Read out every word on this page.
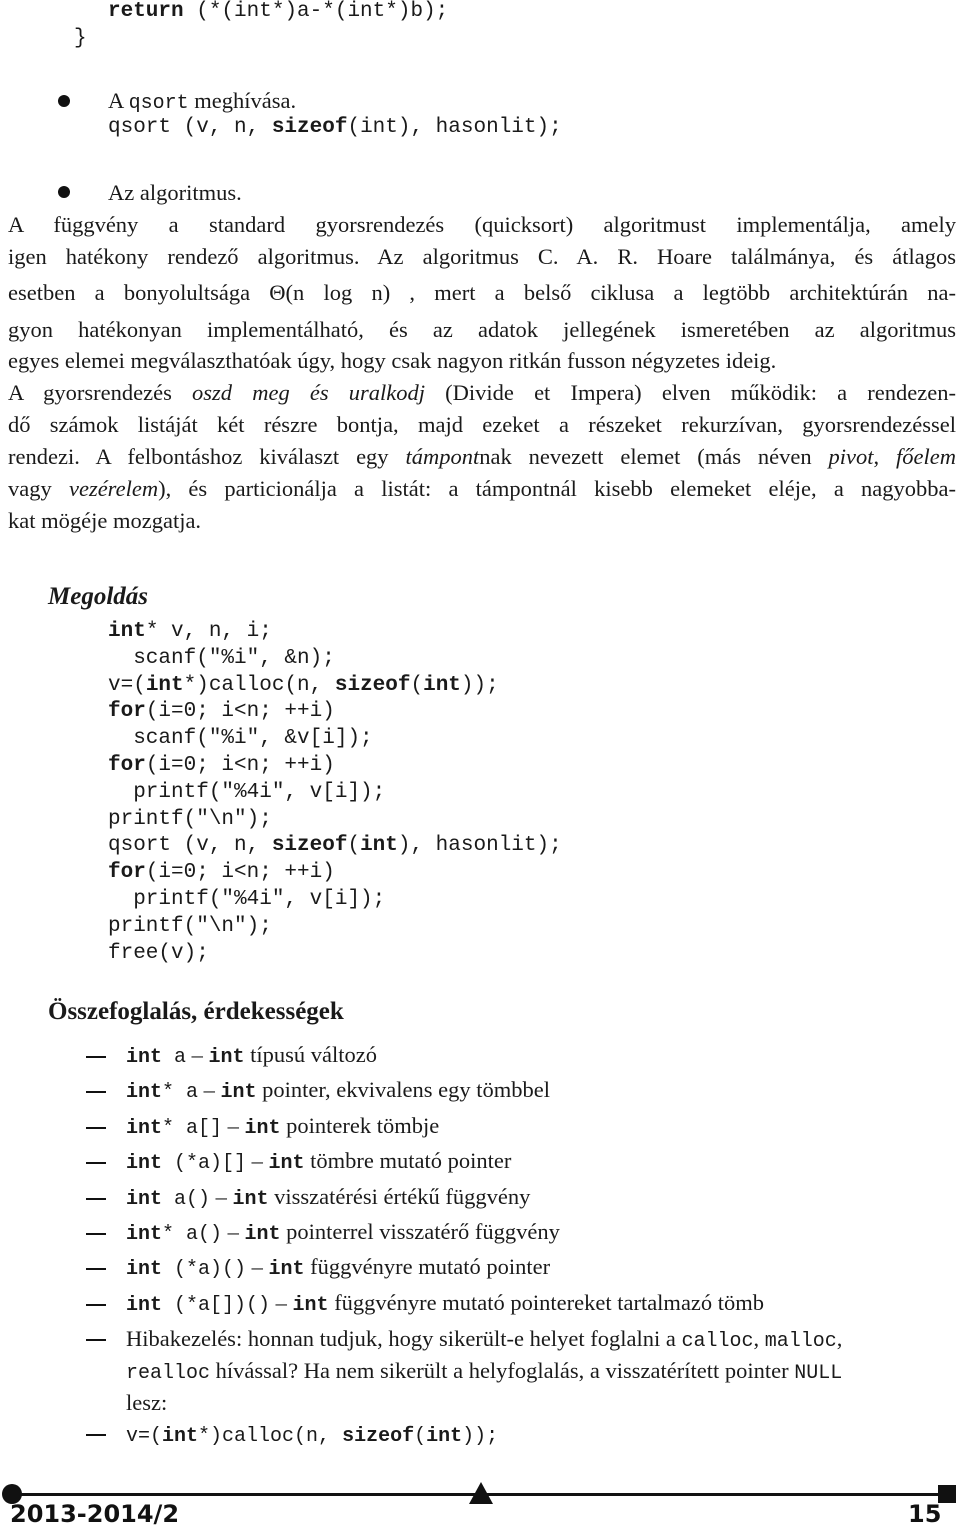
return (*(int*)a-*(int*)b);
}
A qsort meghívása.
qsort (v, n, sizeof(int), hasonlit);
Az algoritmus.
A függvény a standard gyorsrendezés (quicksort) algoritmust implementálja, amely
igen hatékony rendező algoritmus. Az algoritmus C. A. R. Hoare találmánya, és átlagos
esetben a bonyolultsága Θ(n log n) , mert a belső ciklusa a legtöbb architektúrán na-
gyon hatékonyan implementálható, és az adatok jellegének ismeretében az algoritmus
egyes elemei megválaszthatóak úgy, hogy csak nagyon ritkán fusson négyzetes ideig.
A gyorsrendezés oszd meg és uralkodj (Divide et Impera) elven működik: a rendezen-
dő számok listáját két részre bontja, majd ezeket a részeket rekurzívan, gyorsrendezéssel
rendezi. A felbontáshoz kiválaszt egy támpontnak nevezett elemet (más néven pivot, főelem
vagy vezérelem), és particionálja a listát: a támpontnál kisebb elemeket eléje, a nagyobba-
kat mögéje mozgatja.
Megoldás
int* v, n, i;
scanf("%i", &n);
v=(int*)calloc(n, sizeof(int));
for(i=0; i<n; ++i)
scanf("%i", &v[i]);
for(i=0; i<n; ++i)
printf("%4i", v[i]);
printf("\n");
qsort (v, n, sizeof(int), hasonlit);
for(i=0; i<n; ++i)
printf("%4i", v[i]);
printf("\n");
free(v);
Összefoglalás, érdekességek
int a – int típusú változó
int* a – int pointer, ekvivalens egy tömbbel
int* a[] – int pointerek tömbje
int (*a)[] – int tömbre mutató pointer
int a() – int visszatérési értékű függvény
int* a() – int pointerrel visszatérő függvény
int (*a)() – int függvényre mutató pointer
int (*a[])() – int függvényre mutató pointereket tartalmazó tömb
Hibakezelés: honnan tudjuk, hogy sikerült-e helyet foglalni a calloc, malloc,
realloc hívással? Ha nem sikerült a helyfoglalás, a visszatérített pointer NULL
lesz:
v=(int*)calloc(n, sizeof(int));
2013-2014/2	15
